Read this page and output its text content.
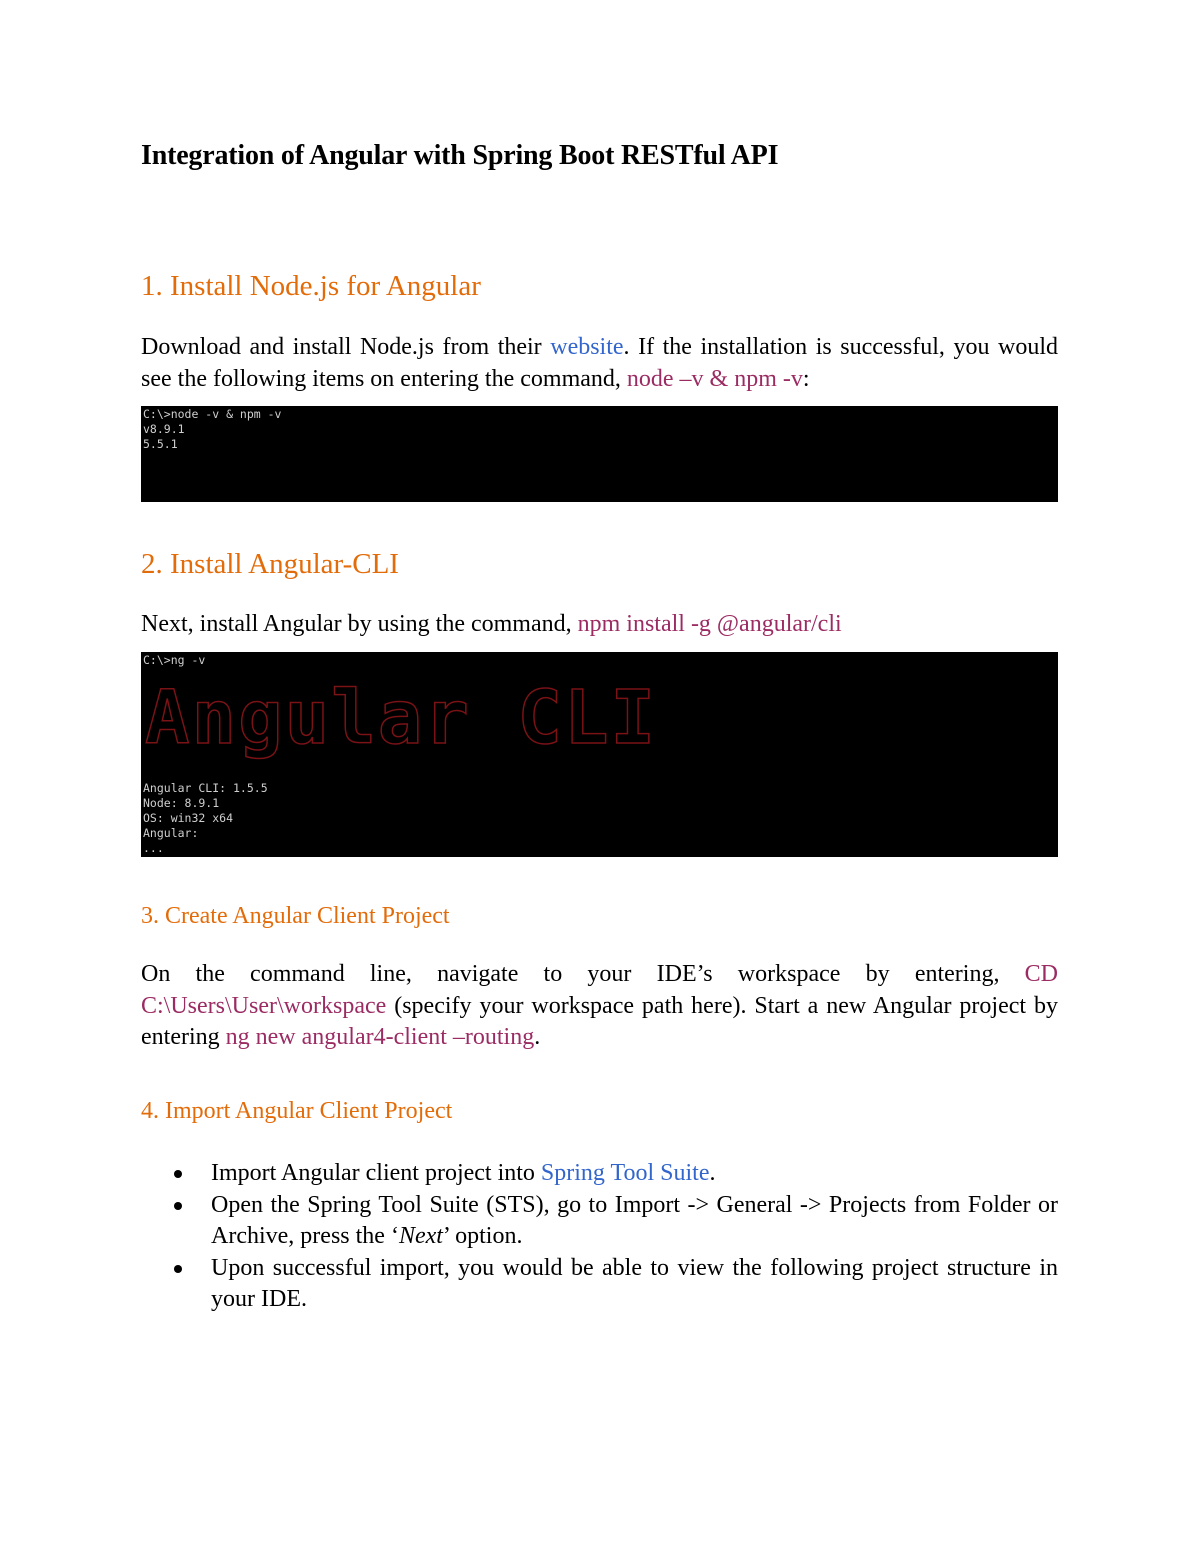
Integration of Angular with Spring Boot RESTful API
1. Install Node.js for Angular
Download and install Node.js from their website. If the installation is successful, you would see the following items on entering the command, node –v & npm -v:
C:\>node -v & npm -v
v8.9.1
5.5.1
2. Install Angular-CLI
Next, install Angular by using the command, npm install -g @angular/cli
C:\>ng -v
Angular CLI
Angular CLI: 1.5.5
Node: 8.9.1
OS: win32 x64
Angular:
...
3. Create Angular Client Project
On the command line, navigate to your IDE’s workspace by entering, CD C:\Users\User\workspace (specify your workspace path here). Start a new Angular project by entering ng new angular4-client –routing.
4. Import Angular Client Project
Import Angular client project into Spring Tool Suite.
Open the Spring Tool Suite (STS), go to Import -> General -> Projects from Folder or Archive, press the ‘Next’ option.
Upon successful import, you would be able to view the following project structure in your IDE.
